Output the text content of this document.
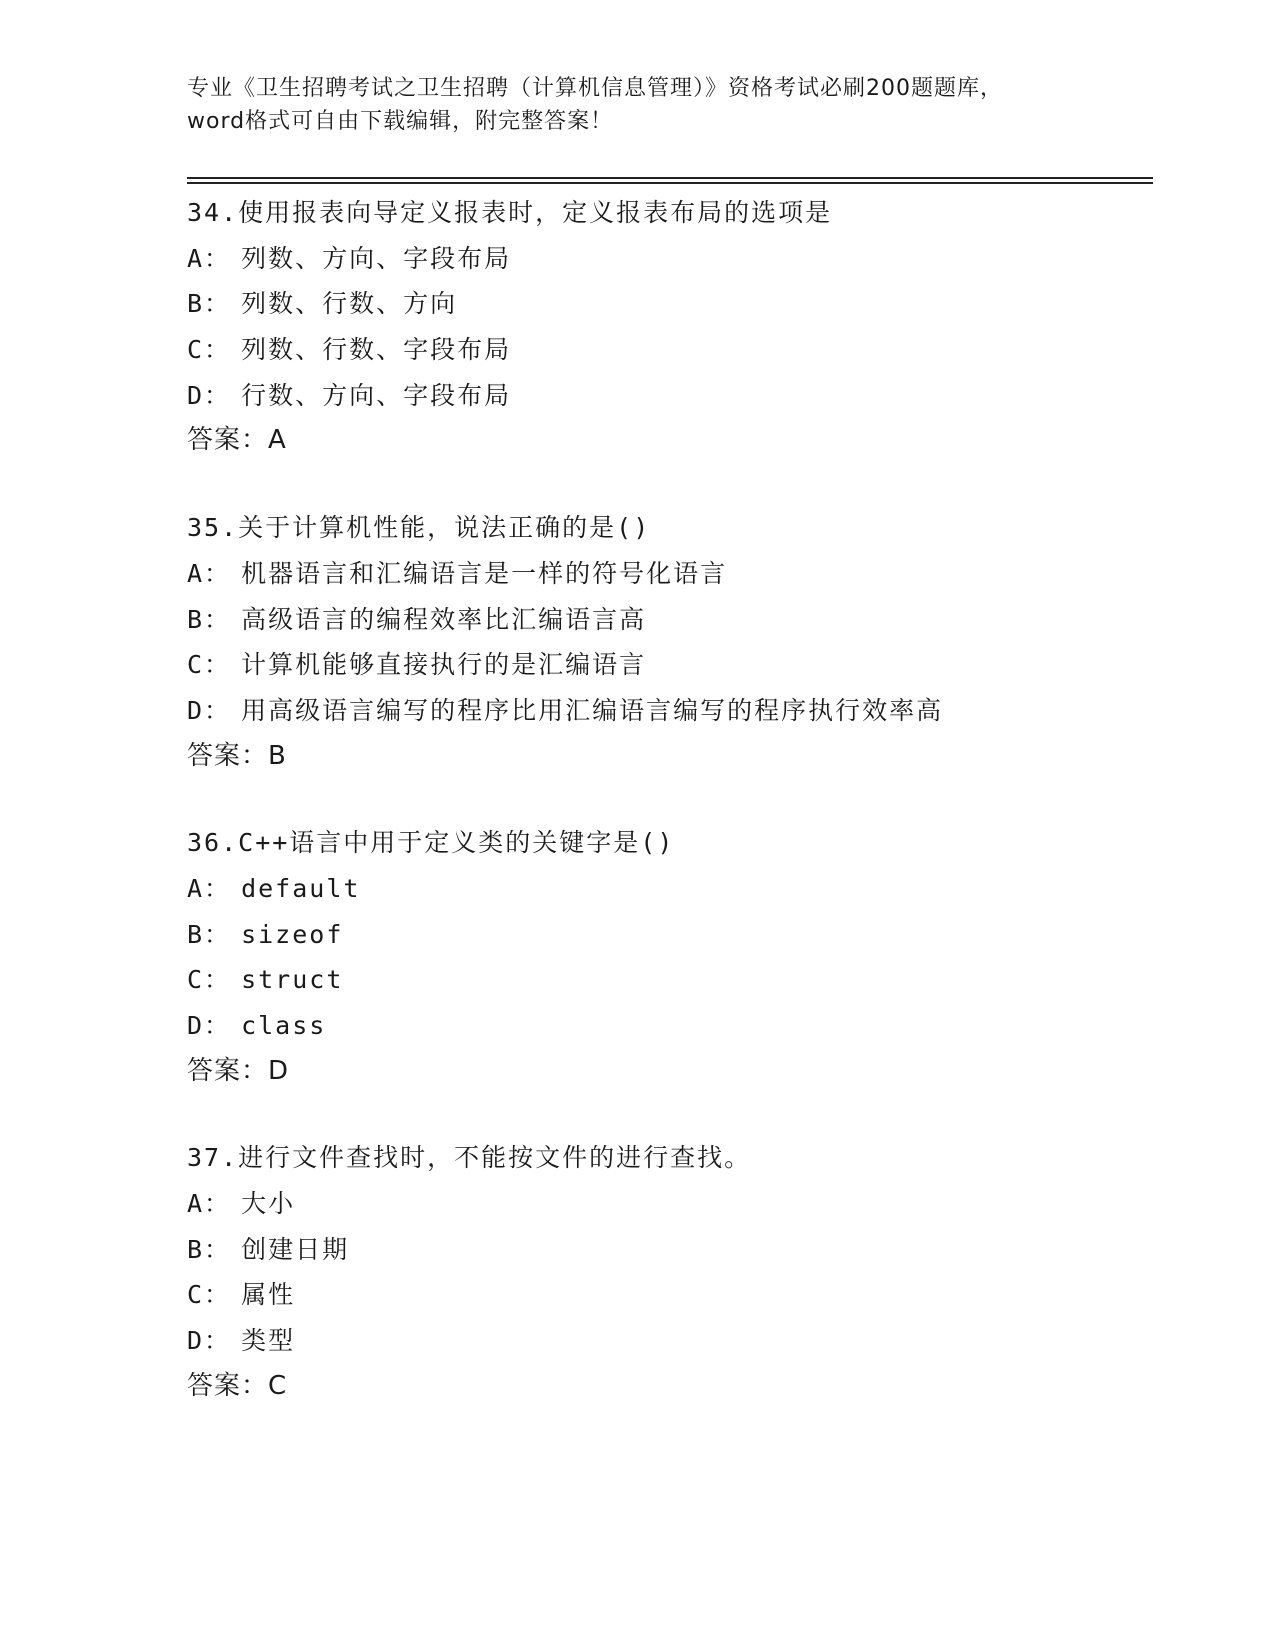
专业《卫生招聘考试之卫生招聘（计算机信息管理）》资格考试必刷200题题库，
word格式可自由下载编辑，附完整答案！
34.使用报表向导定义报表时，定义报表布局的选项是
A： 列数、方向、字段布局
B： 列数、行数、方向
C： 列数、行数、字段布局
D： 行数、方向、字段布局
答案：A
35.关于计算机性能，说法正确的是()
A： 机器语言和汇编语言是一样的符号化语言
B： 高级语言的编程效率比汇编语言高
C： 计算机能够直接执行的是汇编语言
D： 用高级语言编写的程序比用汇编语言编写的程序执行效率高
答案：B
36.C++语言中用于定义类的关键字是()
A： default
B： sizeof
C： struct
D： class
答案：D
37.进行文件查找时，不能按文件的进行查找。
A： 大小
B： 创建日期
C： 属性
D： 类型
答案：C
